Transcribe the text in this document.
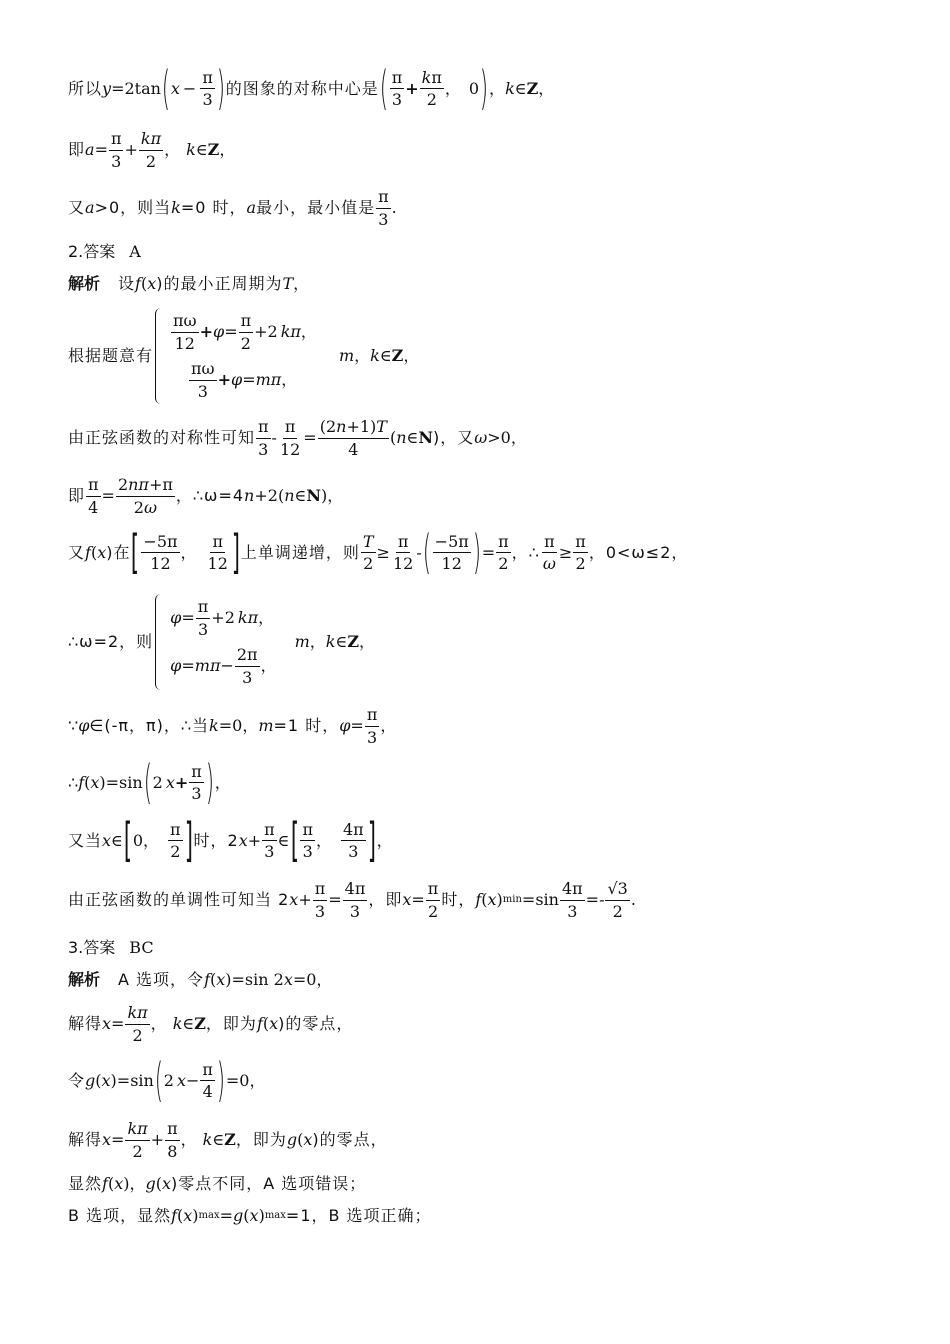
所以 y =2tan ( $x - \frac{\pi}{3}$ ) 的图象的对称中心是 ( $\frac{\pi}{3} + \frac{k\pi}{2}$ ， 0 ) ， k ∈ Z ，
即 $a = \frac{\pi}{3} + \frac{k\pi}{2}$ ， k ∈ Z ，
又 a >0，则当 k =0 时， a 最小，最小值是 $\frac{\pi}{3}$ .
2.答案 A
解析 设 f ( x )的最小正周期为 T ，
根据题意有
$\frac{\pi\omega}{12} + \varphi = \frac{\pi}{2} +2$ kπ ，
$\frac{\pi\omega}{3} + \varphi = m\pi$ ，
m ， k ∈ Z ，
由正弦函数的对称性可知 $\frac{\pi}{3} - \frac{\pi}{12} = \frac{(2n+1)T}{4}$ ( n ∈ N )，又 ω >0，
即 $\frac{\pi}{4} = \frac{2n\pi+\pi}{2\omega}$ ，∴ω=4 n +2( n ∈ N )，
又 f ( x )在 [ $\frac{-5\pi}{12}$ ， $\frac{\pi}{12}$ ] 上单调递增，则 $\frac{T}{2} \ge \frac{\pi}{12}$ - ( $\frac{-5\pi}{12}$ ) = $\frac{\pi}{2}$ ，∴ $\frac{\pi}{\omega} \ge \frac{\pi}{2}$ ，0<ω≤2，
∴ω=2，则
$\varphi = \frac{\pi}{3} +2$ kπ ，
$\varphi = m\pi - \frac{2\pi}{3}$ ，
m ， k ∈ Z ，
∵ φ ∈(-π，π)，∴当 k =0， m =1 时， $\varphi = \frac{\pi}{3}$ ，
∴ f ( x )=sin ( 2 $x + \frac{\pi}{3}$ ) ，
又当 x ∈ [ 0 ， $\frac{\pi}{2}$ ] 时，2 $x + \frac{\pi}{3}$ ∈ [ $\frac{\pi}{3}$ ， $\frac{4\pi}{3}$ ] ，
由正弦函数的单调性可知当 2 $x + \frac{\pi}{3} = \frac{4\pi}{3}$ ，即 $x = \frac{\pi}{2}$ 时， f ( x ) $\min =\sin \frac{4\pi}{3} =- \frac{√3}{2}$ .
3.答案 BC
解析 A 选项，令 f ( x )=sin 2 x =0，
解得 $x = \frac{k\pi}{2}$ ， k ∈ Z ，即为 f ( x )的零点，
令 g ( x )=sin ( 2 $x - \frac{\pi}{4}$ ) =0，
解得 $x = \frac{k\pi}{2} + \frac{\pi}{8}$ ， k ∈ Z ，即为 g ( x )的零点，
显然 f ( x )， g ( x )零点不同，A 选项错误；
B 选项，显然 f ( x ) max = g ( x ) max =1，B 选项正确；
